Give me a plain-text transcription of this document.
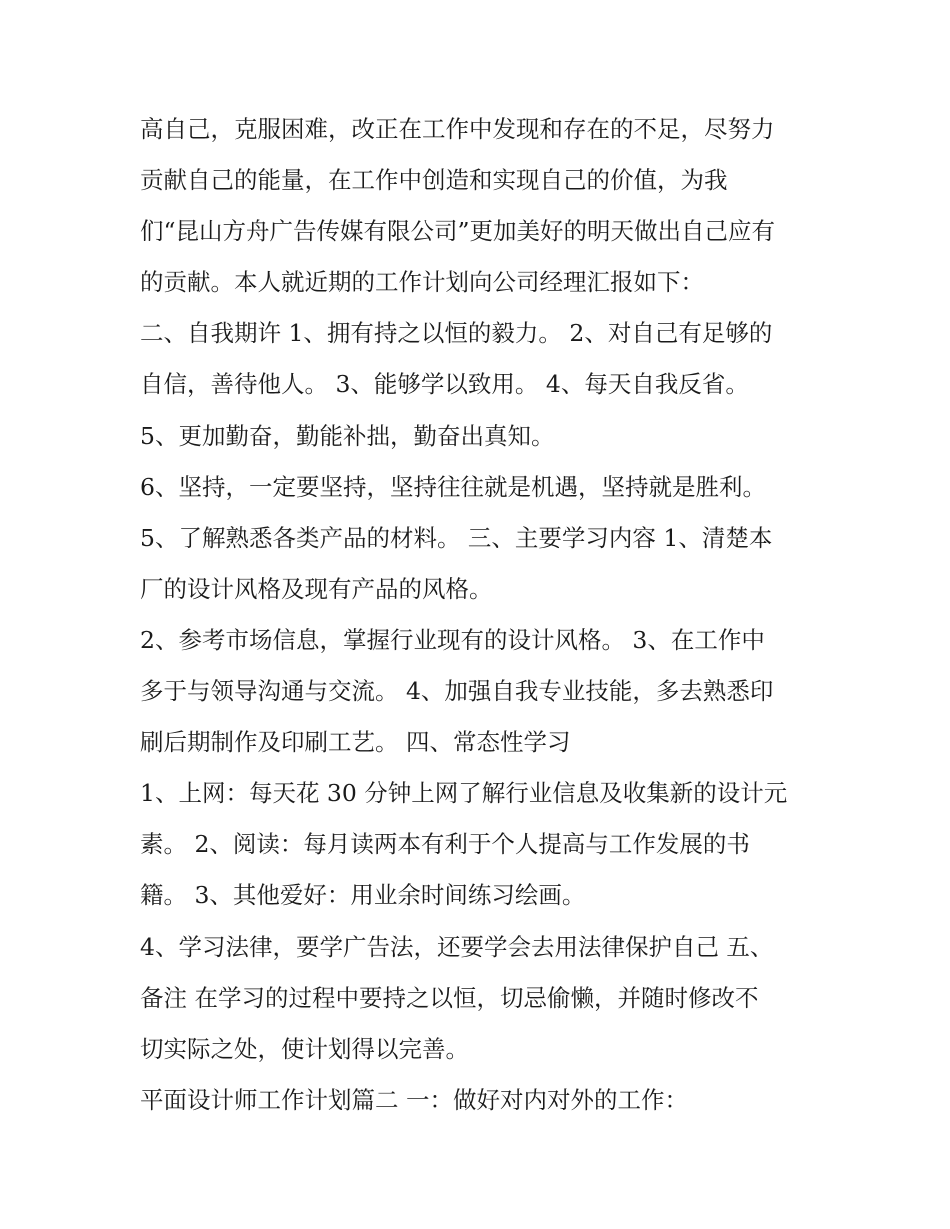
高自己，克服困难，改正在工作中发现和存在的不足，尽努力
贡献自己的能量，在工作中创造和实现自己的价值，为我
们“昆山方舟广告传媒有限公司”更加美好的明天做出自己应有
的贡献。本人就近期的工作计划向公司经理汇报如下：
二、自我期许 1、拥有持之以恒的毅力。 2、对自己有足够的
自信，善待他人。 3、能够学以致用。 4、每天自我反省。
5、更加勤奋，勤能补拙，勤奋出真知。
6、坚持，一定要坚持，坚持往往就是机遇，坚持就是胜利。
5、了解熟悉各类产品的材料。 三、主要学习内容 1、清楚本
厂的设计风格及现有产品的风格。
2、参考市场信息，掌握行业现有的设计风格。 3、在工作中
多于与领导沟通与交流。 4、加强自我专业技能，多去熟悉印
刷后期制作及印刷工艺。 四、常态性学习
1、上网：每天花 30 分钟上网了解行业信息及收集新的设计元
素。 2、阅读：每月读两本有利于个人提高与工作发展的书
籍。 3、其他爱好：用业余时间练习绘画。
4、学习法律，要学广告法，还要学会去用法律保护自己 五、
备注 在学习的过程中要持之以恒，切忌偷懒，并随时修改不
切实际之处，使计划得以完善。
平面设计师工作计划篇二 一：做好对内对外的工作：
